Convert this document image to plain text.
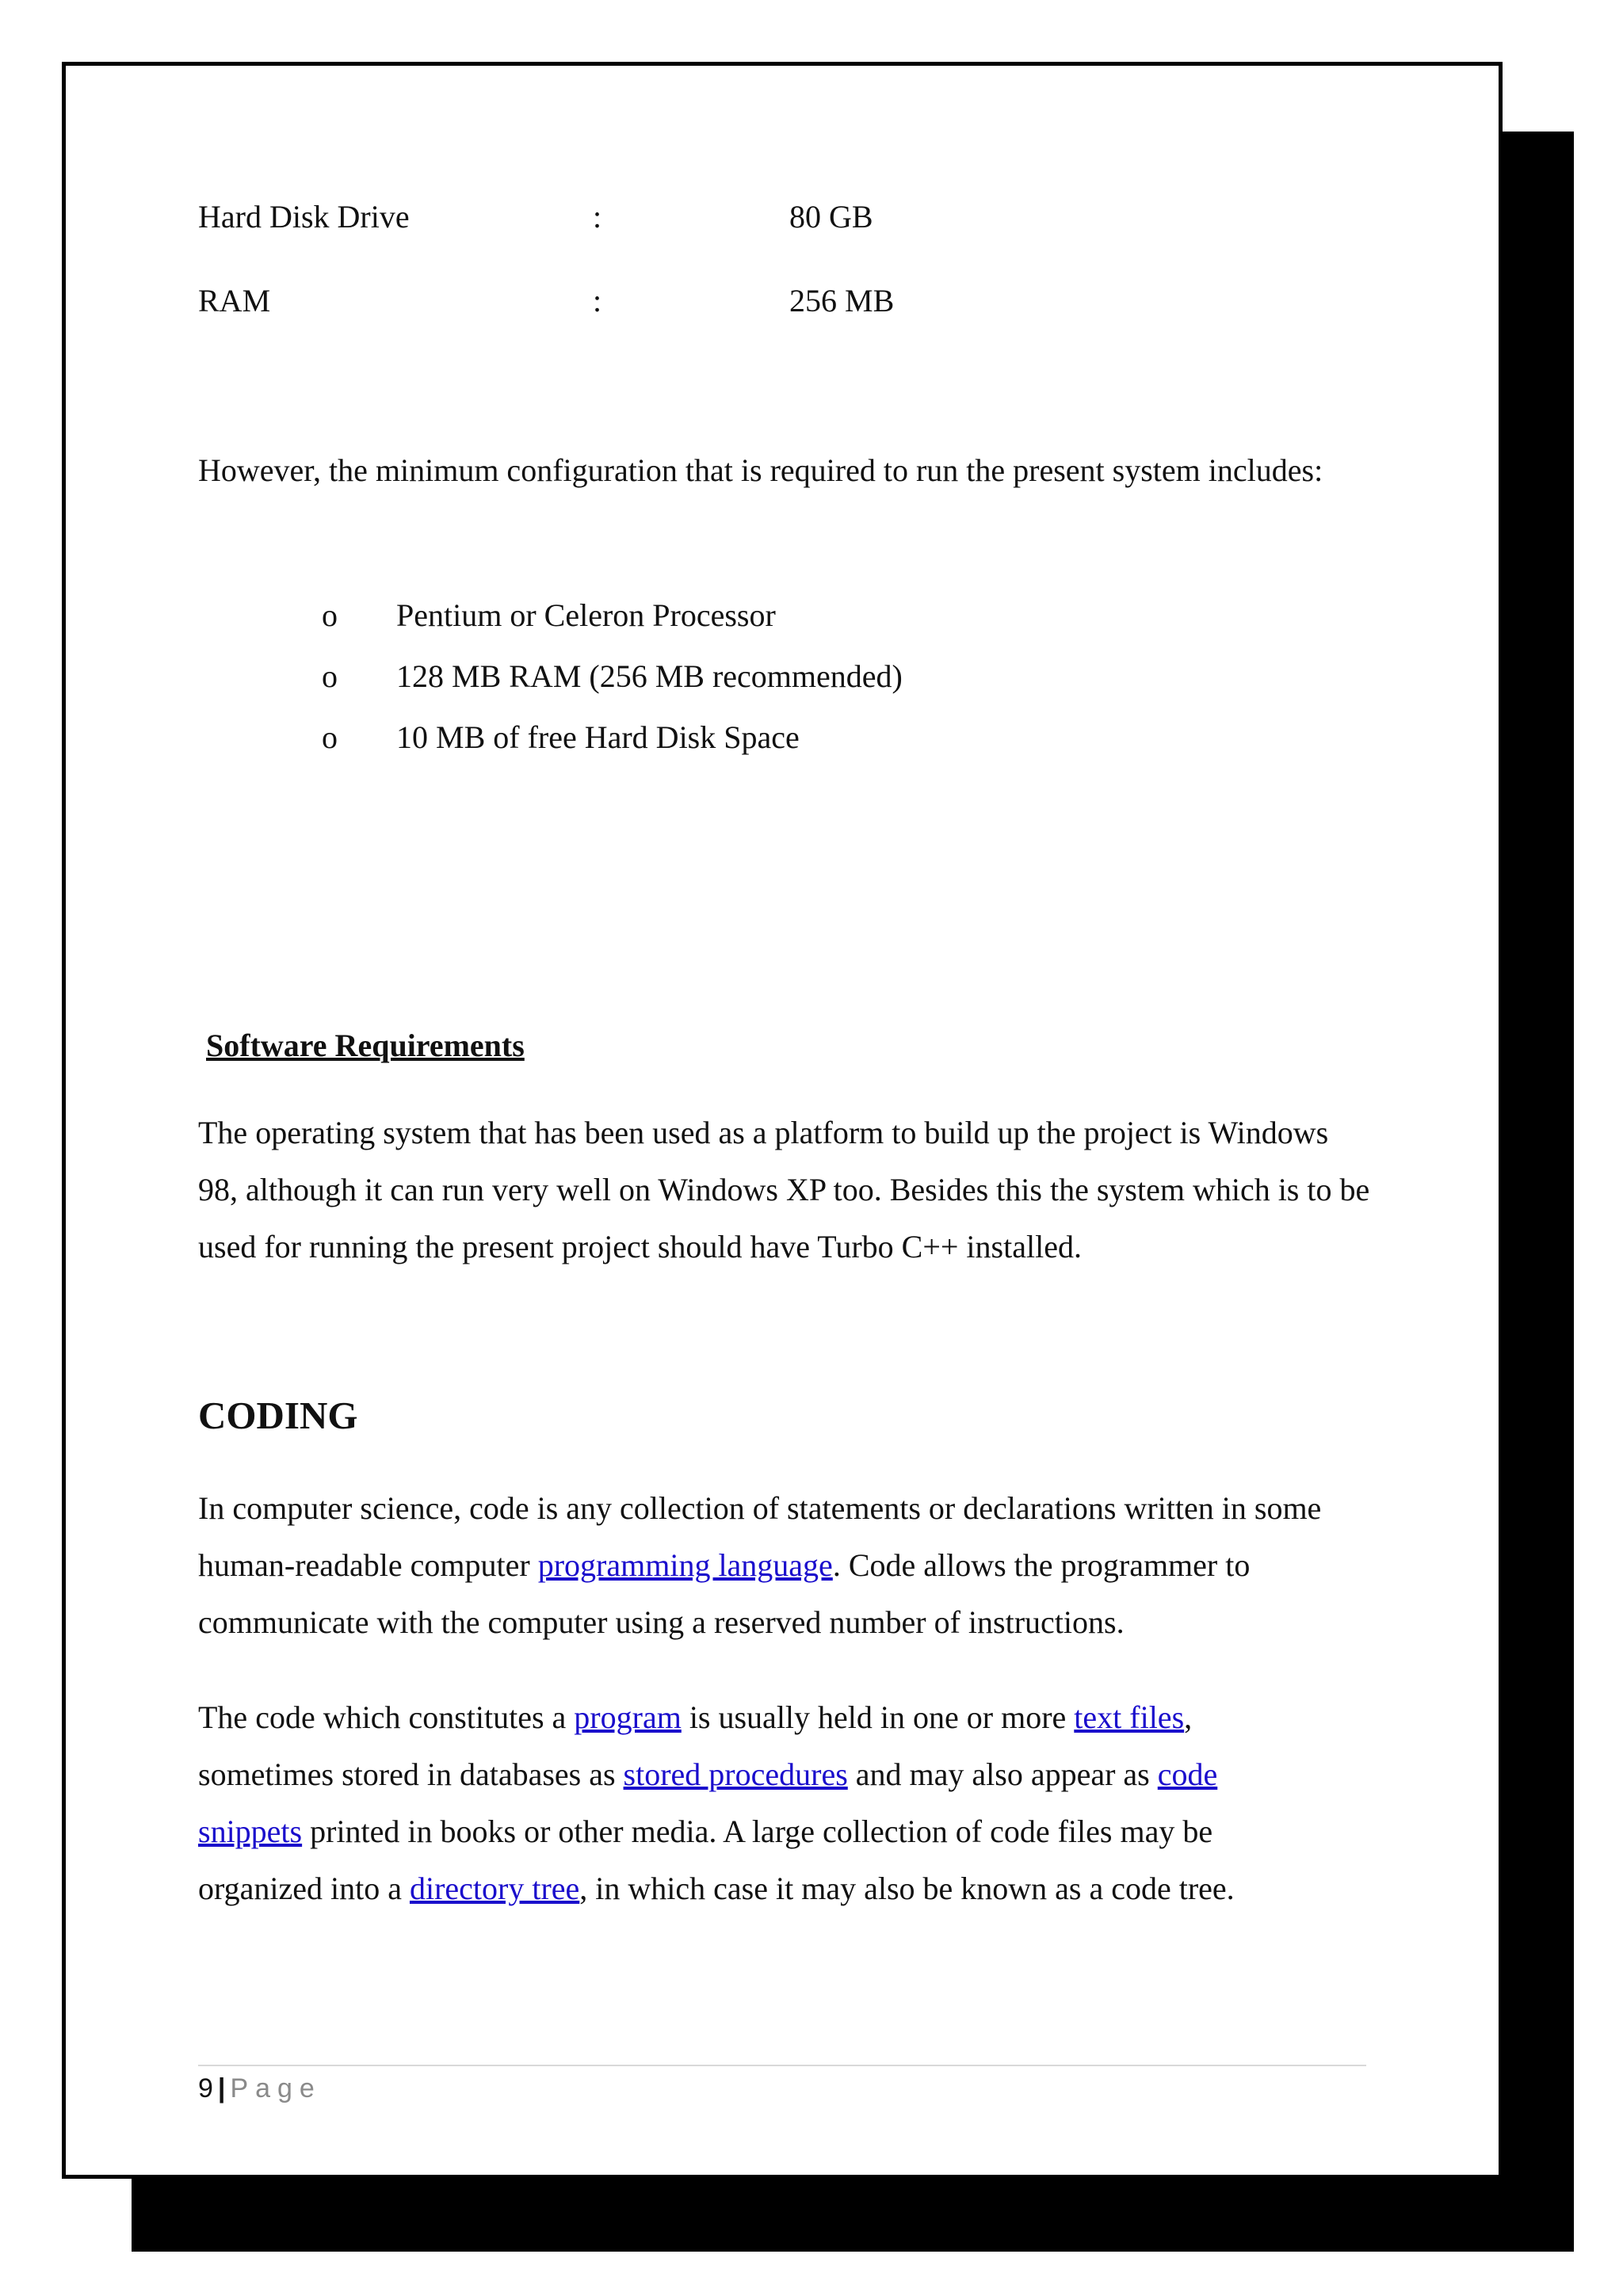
Hard Disk Drive	:	80 GB
RAM	:	256 MB

However, the minimum configuration that is required to run the present system includes:

o Pentium or Celeron Processor
o 128 MB RAM (256 MB recommended)
o 10 MB of free Hard Disk Space
Software Requirements

The operating system that has been used as a platform to build up the project is Windows 98, although it can run very well on Windows XP too. Besides this the system which is to be used for running the present project should have Turbo C++ installed.

CODING

In computer science, code is any collection of statements or declarations written in some human-readable computer programming language. Code allows the programmer to communicate with the computer using a reserved number of instructions.

The code which constitutes a program is usually held in one or more text files, sometimes stored in databases as stored procedures and may also appear as code snippets printed in books or other media. A large collection of code files may be organized into a directory tree, in which case it may also be known as a code tree.

9 | Page
